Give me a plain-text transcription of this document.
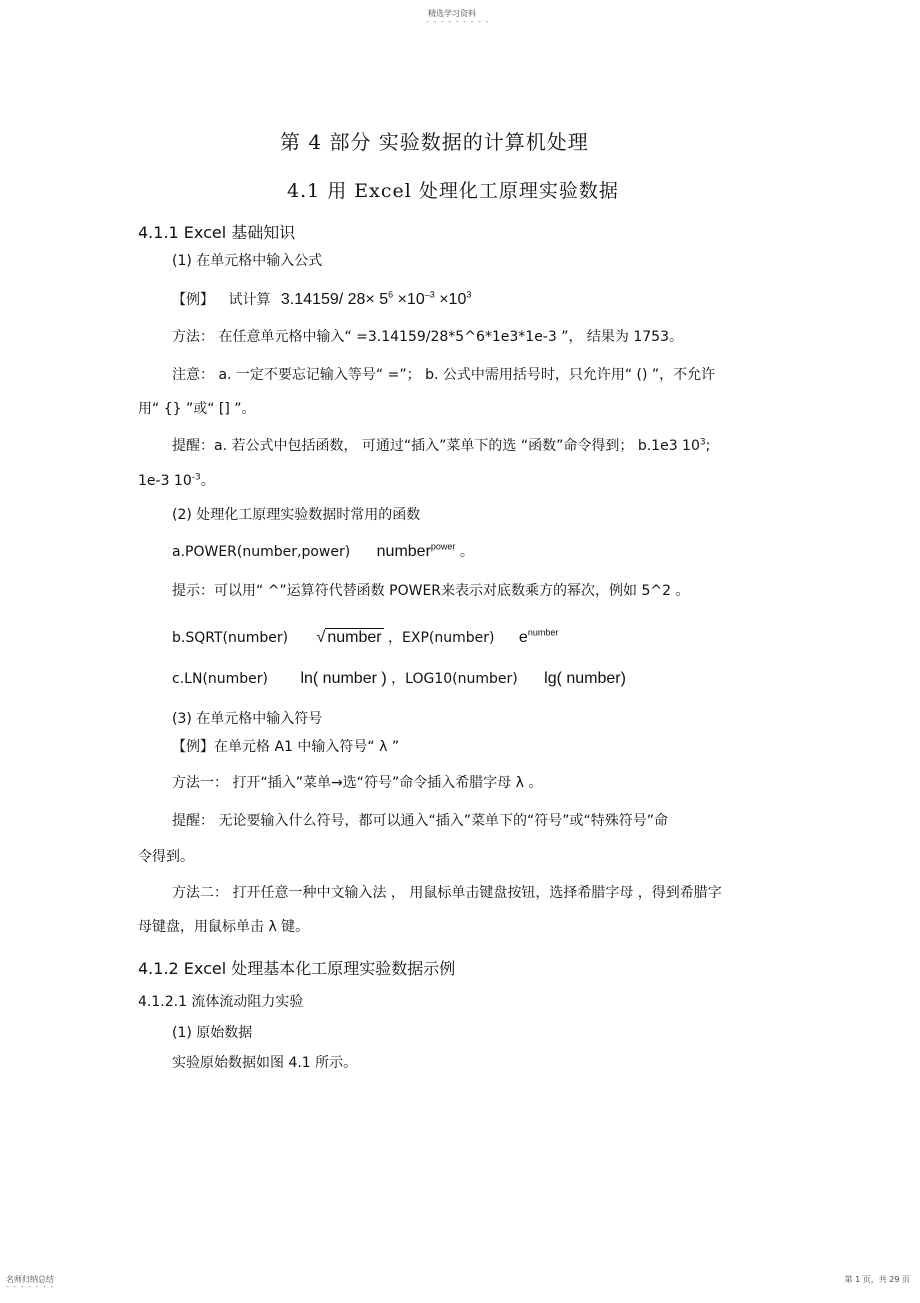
精选学习资料
- - - - - - - - -
第 4 部分 实验数据的计算机处理
4.1 用 Excel 处理化工原理实验数据
4.1.1 Excel 基础知识
(1) 在单元格中输入公式
【例】 试计算 3.14159/ $28\times 5^6 \times 10^{-3} \times 10^3$
方法： 在任意单元格中输入“ =3.14159/28*5^6*1e3*1e-3 ”， 结果为 1753。
注意： a. 一定不要忘记输入等号“ =”； b. 公式中需用括号时，只允许用“ () ”，不允许
用“ {} ”或“ [] ”。
提醒：a. 若公式中包括函数， 可通过“插入”菜单下的选 “函数”命令得到； b.1e3 $10^3$;
1e-3 $10^{-3}$。
(2) 处理化工原理实验数据时常用的函数
a.POWER(number,power) number$^{power}$ 。
提示：可以用“ ^”运算符代替函数 POWER来表示对底数乘方的幂次，例如 5^2 。
b.SQRT(number) √ number ，EXP(number) $e^{number}$
c.LN(number) ln( number ) ，LOG10(number) lg( number)
(3) 在单元格中输入符号
【例】在单元格 A1 中输入符号“ λ ”
方法一： 打开“插入”菜单→选“符号”命令插入希腊字母 λ 。
提醒： 无论要输入什么符号，都可以通入“插入”菜单下的“符号”或“特殊符号”命
令得到。
方法二： 打开任意一种中文输入法 ， 用鼠标单击键盘按钮，选择希腊字母 ，得到希腊字
母键盘，用鼠标单击 λ 键。
4.1.2 Excel 处理基本化工原理实验数据示例
4.1.2.1 流体流动阻力实验
(1) 原始数据
实验原始数据如图 4.1 所示。
名师归纳总结
- - - - - - -
第 1 页，共 29 页
